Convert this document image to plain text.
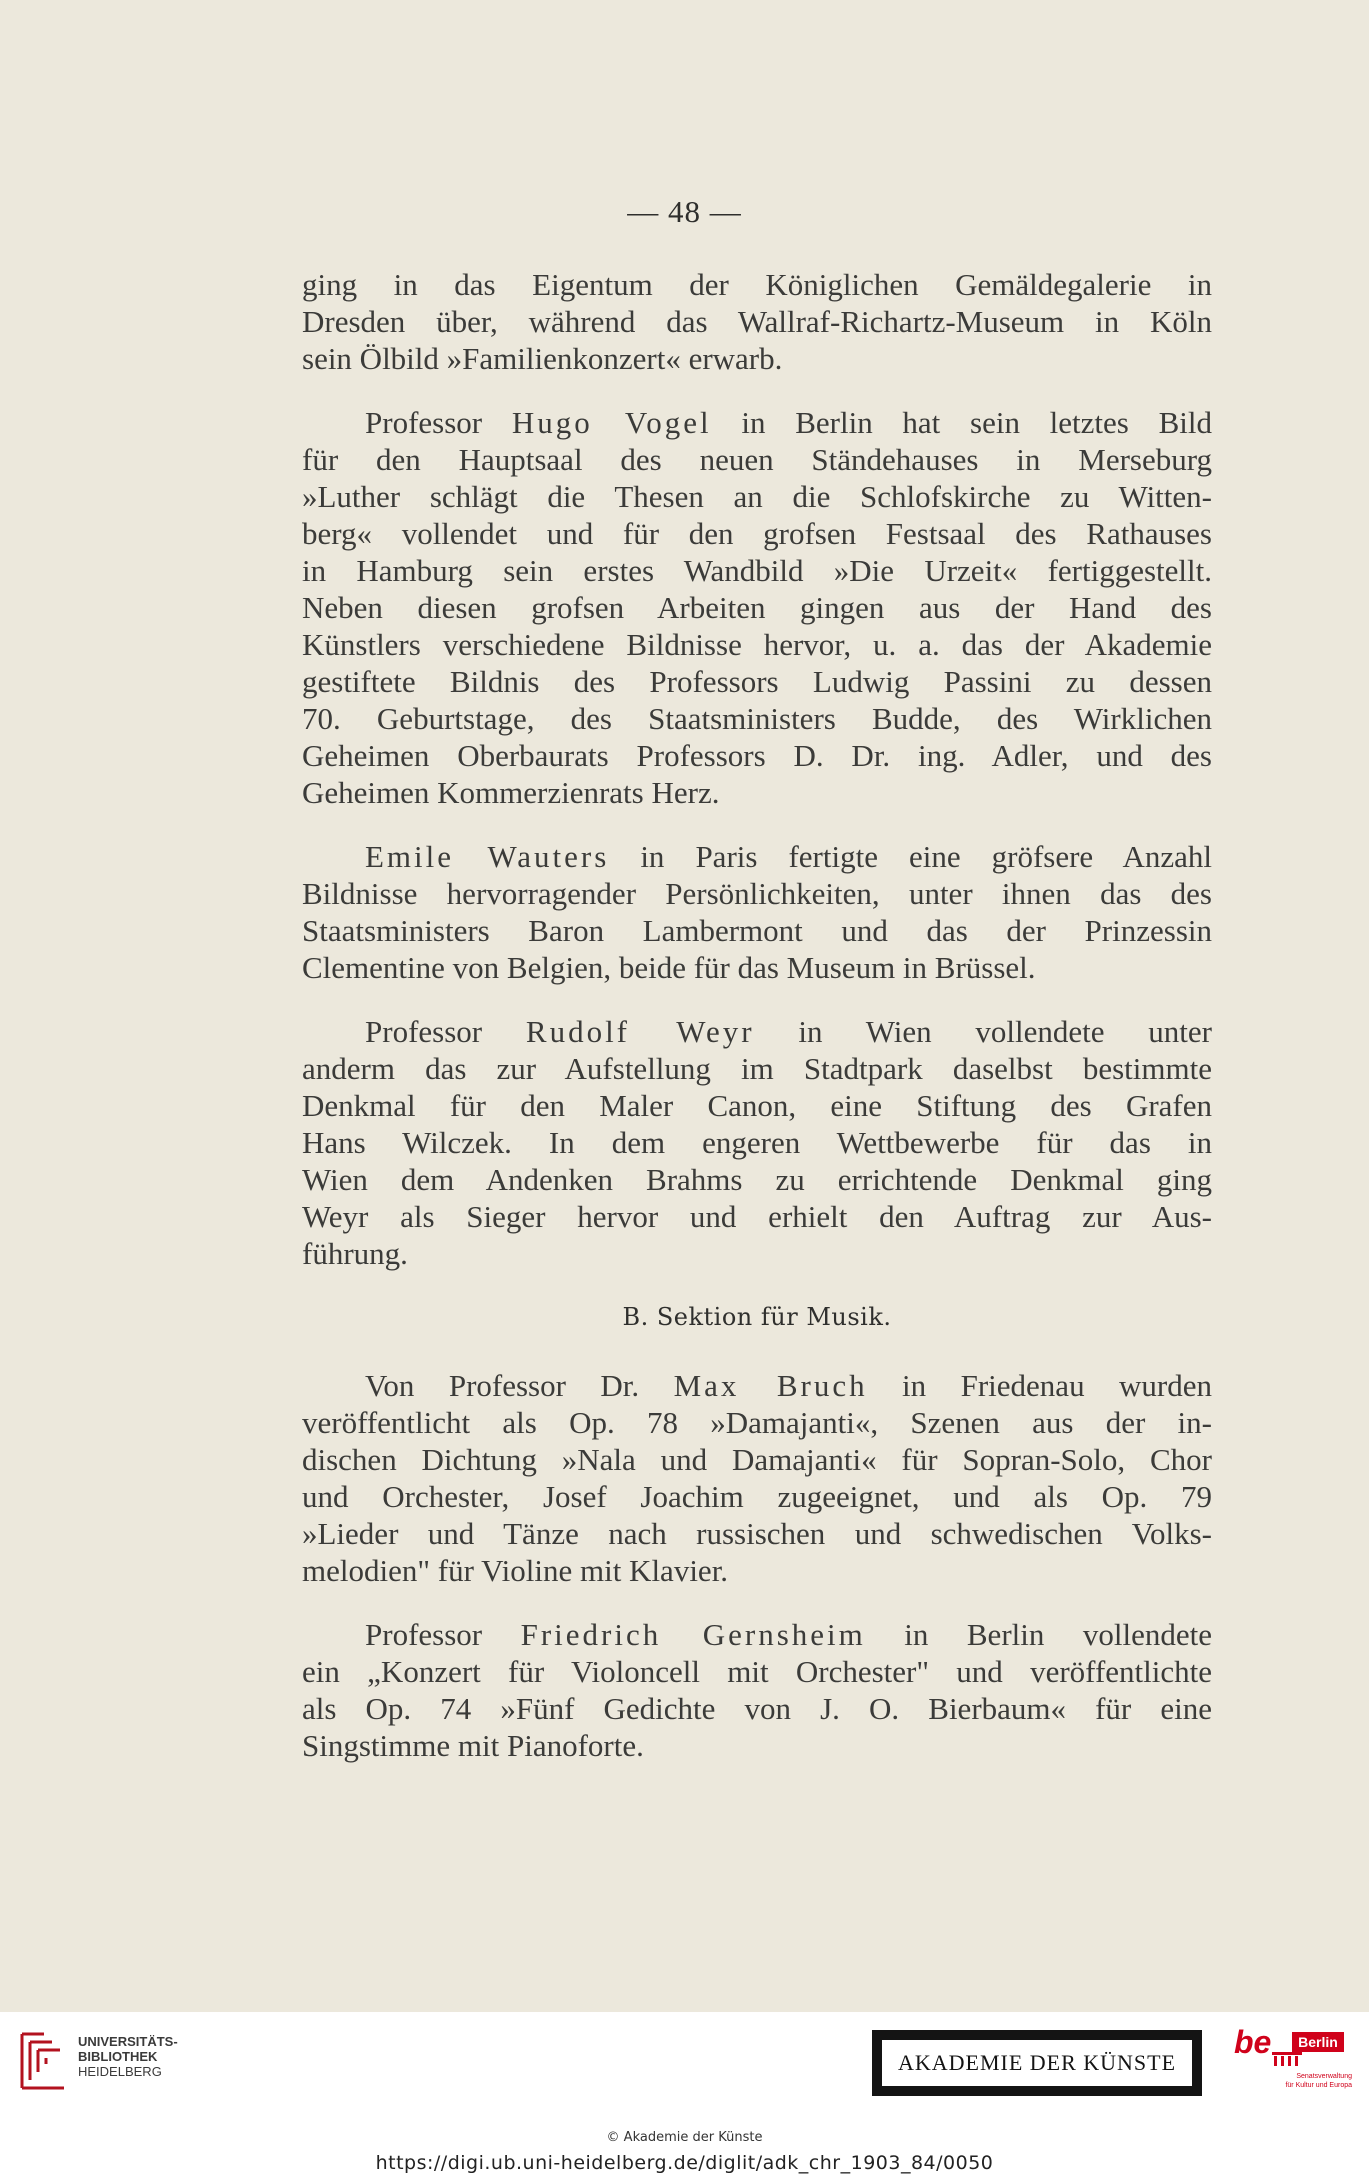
— 48 —

ging in das Eigentum der Königlichen Gemäldegalerie in
Dresden über, während das Wallraf-Richartz-Museum in Köln
sein Ölbild »Familienkonzert« erwarb.

Professor Hugo Vogel in Berlin hat sein letztes Bild
für den Hauptsaal des neuen Ständehauses in Merseburg
»Luther schlägt die Thesen an die Schlofskirche zu Witten-
berg« vollendet und für den grofsen Festsaal des Rathauses
in Hamburg sein erstes Wandbild »Die Urzeit« fertiggestellt.
Neben diesen grofsen Arbeiten gingen aus der Hand des
Künstlers verschiedene Bildnisse hervor, u. a. das der Akademie
gestiftete Bildnis des Professors Ludwig Passini zu dessen
70. Geburtstage, des Staatsministers Budde, des Wirklichen
Geheimen Oberbaurats Professors D. Dr. ing. Adler, und des
Geheimen Kommerzienrats Herz.

Emile Wauters in Paris fertigte eine gröfsere Anzahl
Bildnisse hervorragender Persönlichkeiten, unter ihnen das des
Staatsministers Baron Lambermont und das der Prinzessin
Clementine von Belgien, beide für das Museum in Brüssel.

Professor Rudolf Weyr in Wien vollendete unter
anderm das zur Aufstellung im Stadtpark daselbst bestimmte
Denkmal für den Maler Canon, eine Stiftung des Grafen
Hans Wilczek. In dem engeren Wettbewerbe für das in
Wien dem Andenken Brahms zu errichtende Denkmal ging
Weyr als Sieger hervor und erhielt den Auftrag zur Aus-
führung.

B. Sektion für Musik.

Von Professor Dr. Max Bruch in Friedenau wurden
veröffentlicht als Op. 78 »Damajanti«, Szenen aus der in-
dischen Dichtung »Nala und Damajanti« für Sopran-Solo, Chor
und Orchester, Josef Joachim zugeeignet, und als Op. 79
»Lieder und Tänze nach russischen und schwedischen Volks-
melodien" für Violine mit Klavier.

Professor Friedrich Gernsheim in Berlin vollendete
ein „Konzert für Violoncell mit Orchester" und veröffentlichte
als Op. 74 »Fünf Gedichte von J. O. Bierbaum« für eine
Singstimme mit Pianoforte.

UNIVERSITÄTS-
BIBLIOTHEK
HEIDELBERG	AKADEMIE DER KÜNSTE
be	Berlin
Senatsverwaltung
für Kultur und Europa
© Akademie der Künste
https://digi.ub.uni-heidelberg.de/diglit/adk_chr_1903_84/0050
